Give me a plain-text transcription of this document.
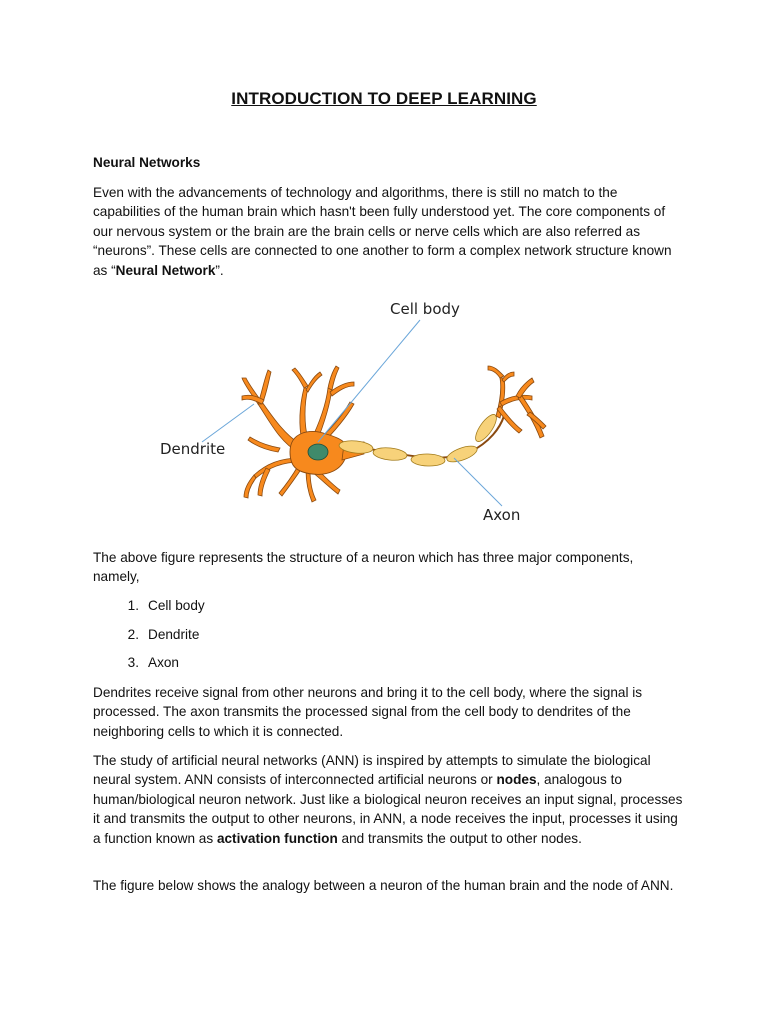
INTRODUCTION TO DEEP LEARNING
Neural Networks

Even with the advancements of technology and algorithms, there is still no match to the capabilities of the human brain which hasn't been fully understood yet. The core components of our nervous system or the brain are the brain cells or nerve cells which are also referred as “neurons”. These cells are connected to one another to form a complex network structure known as “Neural Network”.

The above figure represents the structure of a neuron which has three major components, namely,

1. Cell body
2. Dendrite
3. Axon

Dendrites receive signal from other neurons and bring it to the cell body, where the signal is processed. The axon transmits the processed signal from the cell body to dendrites of the neighboring cells to which it is connected.

The study of artificial neural networks (ANN) is inspired by attempts to simulate the biological neural system. ANN consists of interconnected artificial neurons or nodes, analogous to human/biological neuron network. Just like a biological neuron receives an input signal, processes it and transmits the output to other neurons, in ANN, a node receives the input, processes it using a function known as activation function and transmits the output to other nodes.

The figure below shows the analogy between a neuron of the human brain and the node of ANN.

Cell body
Dendrite
Axon
